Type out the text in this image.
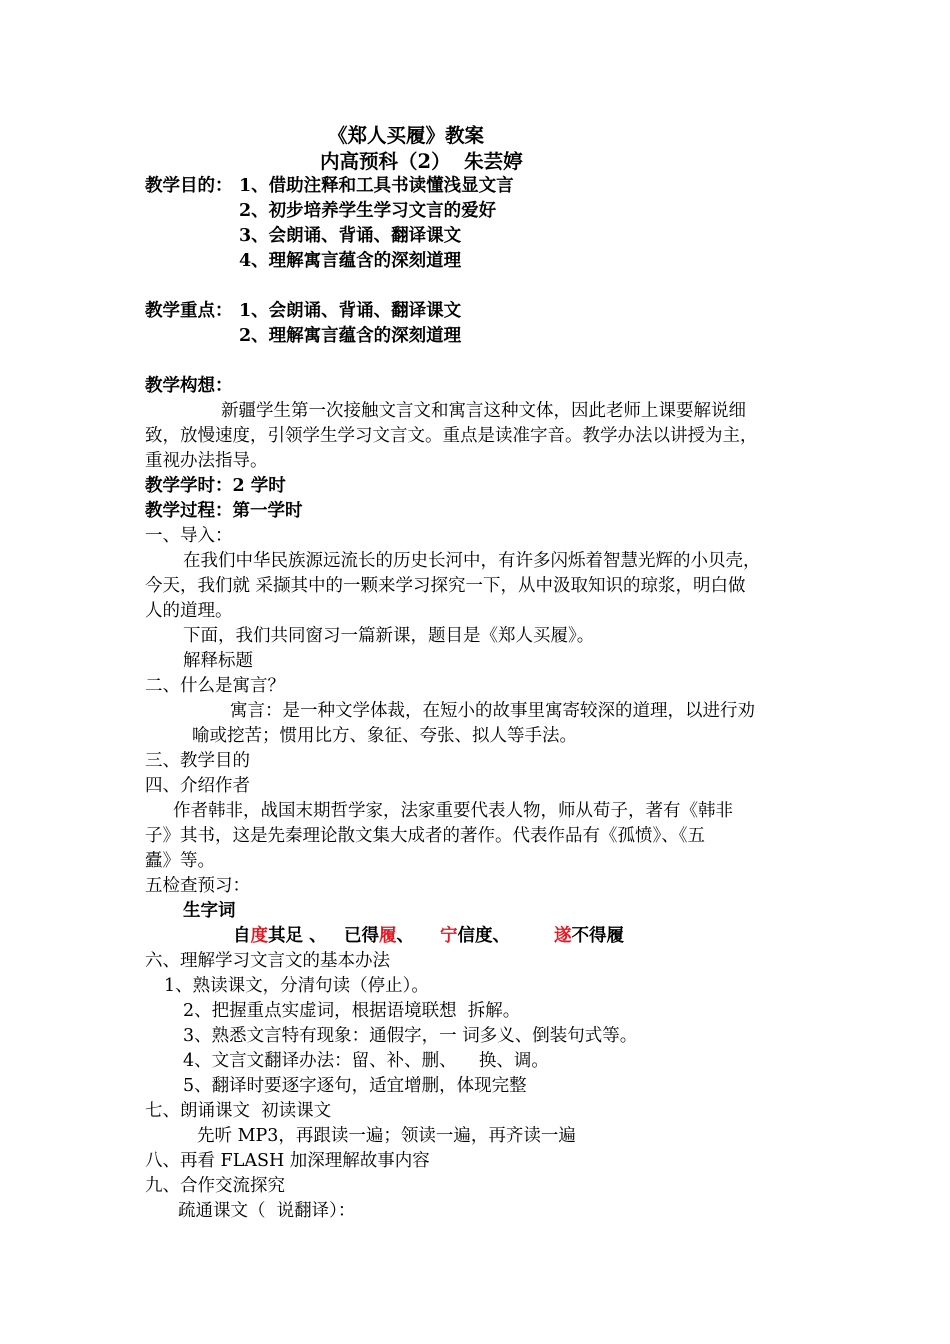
《郑人买履》教案
内高预科（2）  朱芸婷
教学目的： 1、借助注释和工具书读懂浅显文言
2、初步培养学生学习文言的爱好
3、会朗诵、背诵、翻译课文
4、理解寓言蕴含的深刻道理
教学重点： 1、会朗诵、背诵、翻译课文
2、理解寓言蕴含的深刻道理
教学构想：
新疆学生第一次接触文言文和寓言这种文体，因此老师上课要解说细
致，放慢速度，引领学生学习文言文。重点是读准字音。教学办法以讲授为主，
重视办法指导。
教学学时：2 学时
教学过程：第一学时
一、导入：
在我们中华民族源远流长的历史长河中，有许多闪烁着智慧光辉的小贝壳，
今天，我们就 采撷其中的一颗来学习探究一下，从中汲取知识的琼浆，明白做
人的道理。
下面，我们共同窗习一篇新课，题目是《郑人买履》。
解释标题
二、什么是寓言？
寓言：是一种文学体裁，在短小的故事里寓寄较深的道理，以进行劝
喻或挖苦；惯用比方、象征、夸张、拟人等手法。
三、教学目的
四、介绍作者
作者韩非，战国末期哲学家，法家重要代表人物，师从荀子，著有《韩非
子》其书，这是先秦理论散文集大成者的著作。代表作品有《孤愤》、《五
蠹》等。
五检查预习：
生字词
自度其足 、 已得履、 宁信度、	遂不得履
六、理解学习文言文的基本办法
1、熟读课文，分清句读（停止）。
2、把握重点实虚词，根据语境联想  拆解。
3、熟悉文言特有现象：通假字，一 词多义、倒装句式等。
4、文言文翻译办法：留、补、删、    换、调。
5、翻译时要逐字逐句，适宜增删，体现完整
七、朗诵课文  初读课文
先听 MP3，再跟读一遍；领读一遍，再齐读一遍
八、再看 FLASH 加深理解故事内容
九、合作交流探究
疏通课文（  说翻译）：
